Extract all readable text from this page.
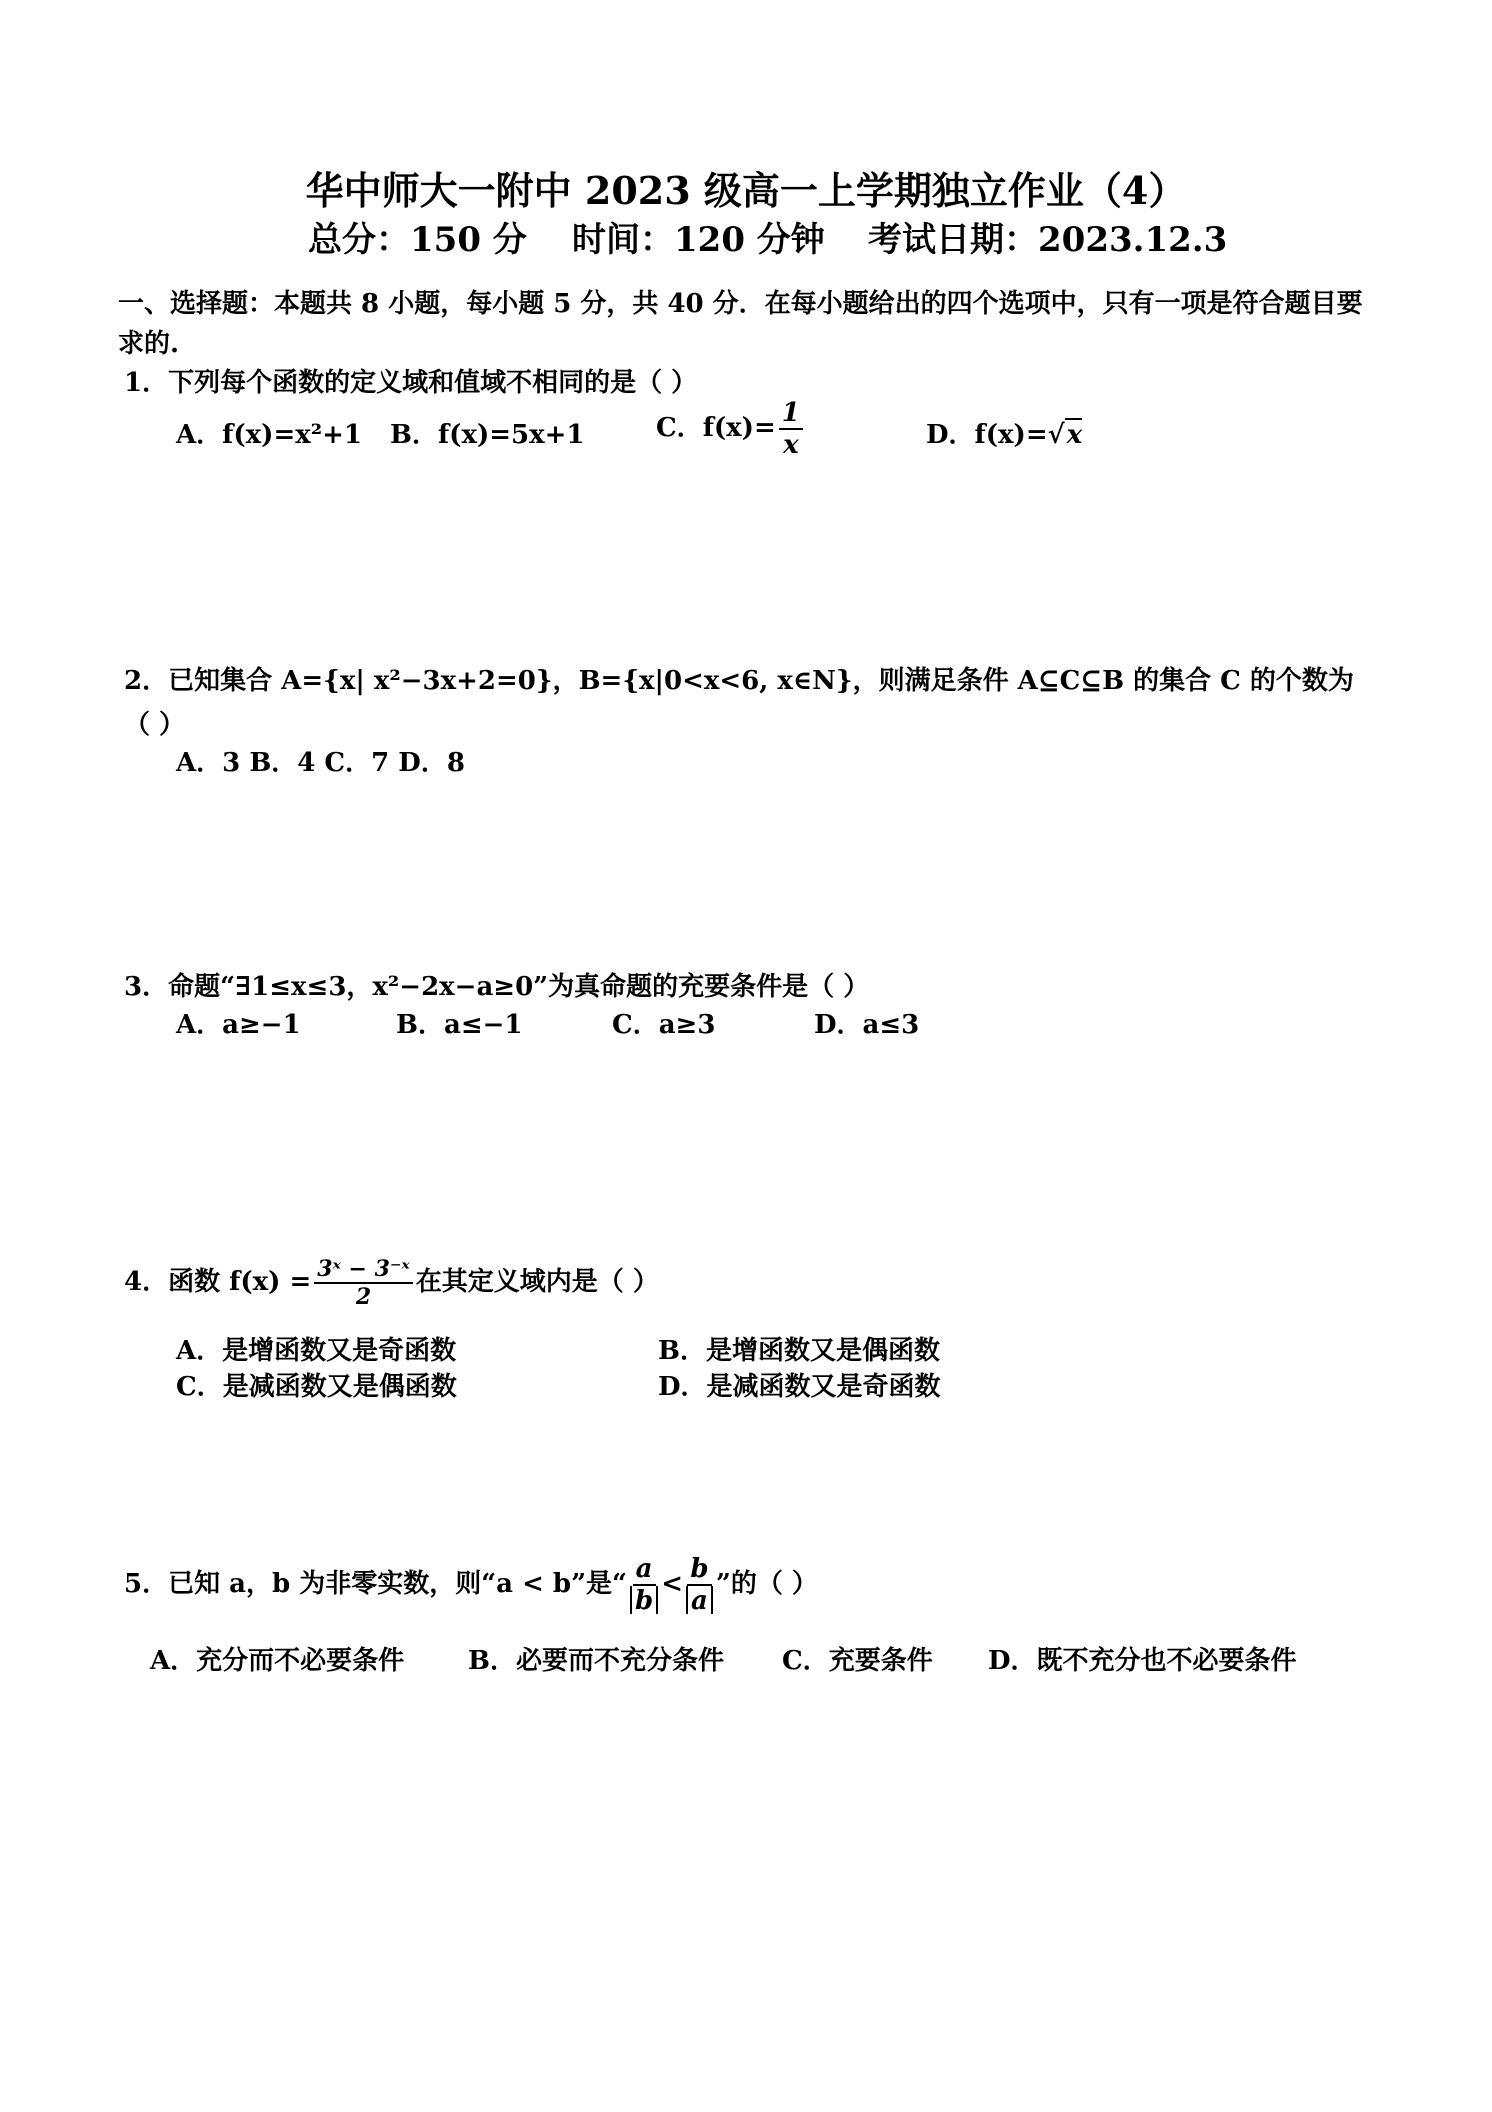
华中师大一附中 2023 级高一上学期独立作业（4）
总分：150 分 时间：120 分钟 考试日期：2023.12.3
一、选择题：本题共 8 小题，每小题 5 分，共 40 分．在每小题给出的四个选项中，只有一项是符合题目要
求的.
1．下列每个函数的定义域和值域不相同的是（ ）
A．f(x)=x²+1 B．f(x)=5x+1	C．$f(x)= \frac{1}{x}$	D．f(x)=√x
2．已知集合 A={x| x²−3x+2=0}，B={x|0<x<6, x∈N}，则满足条件 A⊆C⊆B 的集合 C 的个数为
（ ）
A．3 B．4 C．7 D．8
3．命题“∃1≤x≤3，x²−2x−a≥0”为真命题的充要条件是（ ）
A．a≥−1	B．a≤−1	C．a≥3	D．a≤3
4．函数 $f(x) = \frac{\text{3ˣ − 3⁻ˣ}}{2}$ 在其定义域内是（ ）
A．是增函数又是奇函数	B．是增函数又是偶函数
C．是减函数又是偶函数	D．是减函数又是奇函数
5．已知 a，b 为非零实数，则“a < b”是“ $\frac{a}{b} < \frac{b}{a}$ ”的（ ）
A．充分而不必要条件 B．必要而不充分条件 C．充要条件 D．既不充分也不必要条件
